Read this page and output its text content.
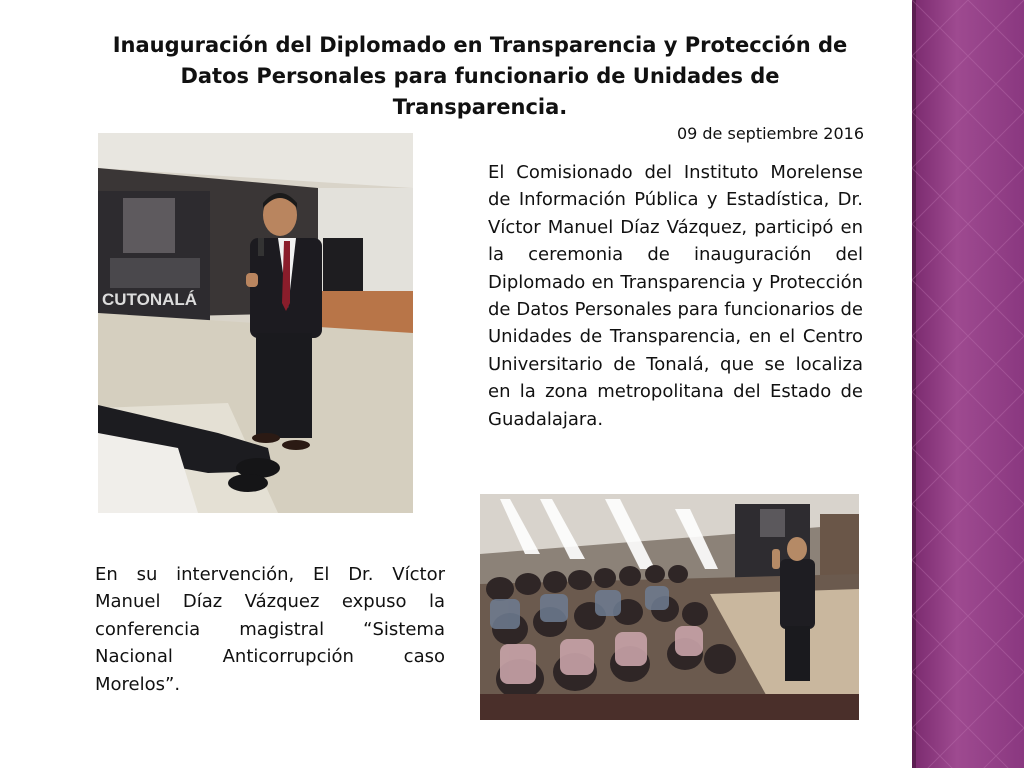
Inauguración del Diplomado en Transparencia y Protección de Datos Personales para funcionario de Unidades de Transparencia.
09 de septiembre 2016
CUTONALÁ

El Comisionado del Instituto Morelense de Información Pública y Estadística, Dr. Víctor Manuel Díaz Vázquez, participó en la ceremonia de inauguración del Diplomado en Transparencia y Protección de Datos Personales para funcionarios de Unidades de Transparencia, en el Centro Universitario de Tonalá, que se localiza en la zona metropolitana del Estado de Guadalajara.

En su intervención, El Dr. Víctor Manuel Díaz Vázquez expuso la conferencia magistral “Sistema Nacional Anticorrupción caso Morelos”.
